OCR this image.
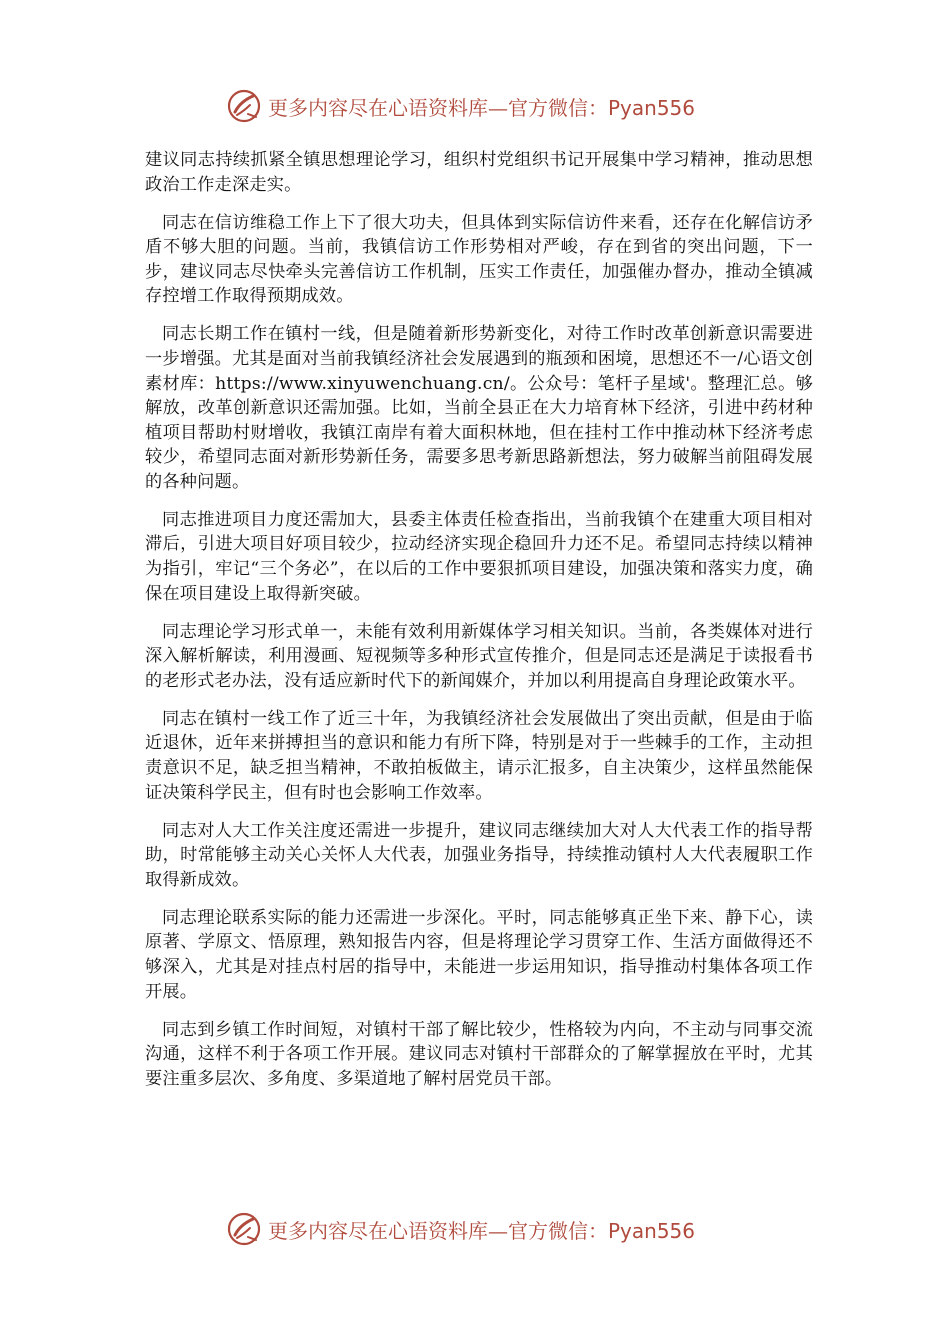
更多内容尽在心语资料库—官方微信：Pyan556

建议同志持续抓紧全镇思想理论学习，组织村党组织书记开展集中学习精神，推动思想政治工作走深走实。

同志在信访维稳工作上下了很大功夫，但具体到实际信访件来看，还存在化解信访矛盾不够大胆的问题。当前，我镇信访工作形势相对严峻，存在到省的突出问题，下一步，建议同志尽快牵头完善信访工作机制，压实工作责任，加强催办督办，推动全镇减存控增工作取得预期成效。

同志长期工作在镇村一线，但是随着新形势新变化，对待工作时改革创新意识需要进一步增强。尤其是面对当前我镇经济社会发展遇到的瓶颈和困境，思想还不一/心语文创素材库：https://www.xinyuwenchuang.cn/。公众号：笔杆子星域'。整理汇总。够解放，改革创新意识还需加强。比如，当前全县正在大力培育林下经济，引进中药材种植项目帮助村财增收，我镇江南岸有着大面积林地，但在挂村工作中推动林下经济考虑较少，希望同志面对新形势新任务，需要多思考新思路新想法，努力破解当前阻碍发展的各种问题。

同志推进项目力度还需加大，县委主体责任检查指出，当前我镇个在建重大项目相对滞后，引进大项目好项目较少，拉动经济实现企稳回升力还不足。希望同志持续以精神为指引，牢记“三个务必”，在以后的工作中要狠抓项目建设，加强决策和落实力度，确保在项目建设上取得新突破。

同志理论学习形式单一，未能有效利用新媒体学习相关知识。当前，各类媒体对进行深入解析解读，利用漫画、短视频等多种形式宣传推介，但是同志还是满足于读报看书的老形式老办法，没有适应新时代下的新闻媒介，并加以利用提高自身理论政策水平。

同志在镇村一线工作了近三十年，为我镇经济社会发展做出了突出贡献，但是由于临近退休，近年来拼搏担当的意识和能力有所下降，特别是对于一些棘手的工作，主动担责意识不足，缺乏担当精神，不敢拍板做主，请示汇报多，自主决策少，这样虽然能保证决策科学民主，但有时也会影响工作效率。

同志对人大工作关注度还需进一步提升，建议同志继续加大对人大代表工作的指导帮助，时常能够主动关心关怀人大代表，加强业务指导，持续推动镇村人大代表履职工作取得新成效。

同志理论联系实际的能力还需进一步深化。平时，同志能够真正坐下来、静下心，读原著、学原文、悟原理，熟知报告内容，但是将理论学习贯穿工作、生活方面做得还不够深入，尤其是对挂点村居的指导中，未能进一步运用知识，指导推动村集体各项工作开展。

同志到乡镇工作时间短，对镇村干部了解比较少，性格较为内向，不主动与同事交流沟通，这样不利于各项工作开展。建议同志对镇村干部群众的了解掌握放在平时，尤其要注重多层次、多角度、多渠道地了解村居党员干部。

更多内容尽在心语资料库—官方微信：Pyan556
